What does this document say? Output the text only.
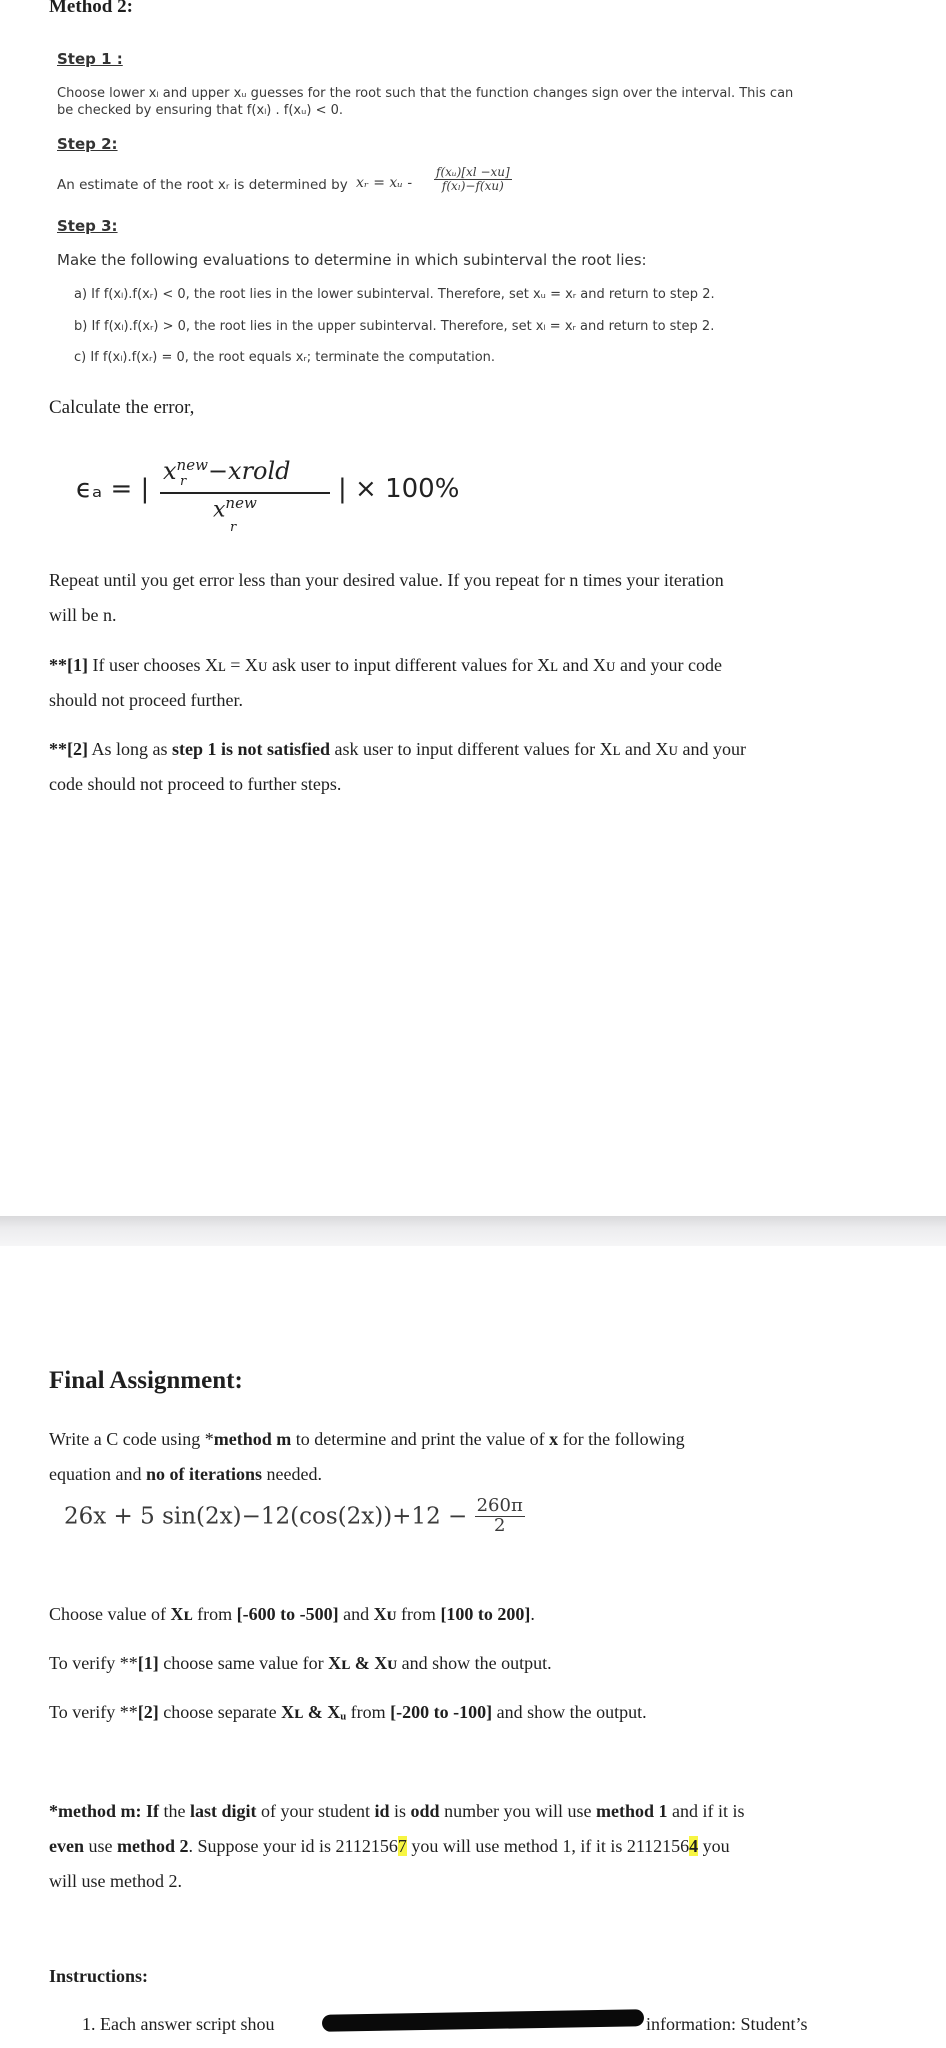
Method 2:
Step 1 :
Choose lower xₗ and upper xᵤ guesses for the root such that the function changes sign over the interval. This can
be checked by ensuring that f(xₗ) . f(xᵤ) < 0.
Step 2:
An estimate of the root xᵣ is determined by xᵣ = xᵤ - $\frac{\text{f(xᵤ)[xl −xu]}}{\text{f(xₗ)−f(xu)}}$
Step 3:
Make the following evaluations to determine in which subinterval the root lies:
a) If f(xₗ).f(xᵣ) < 0, the root lies in the lower subinterval. Therefore, set xᵤ = xᵣ and return to step 2.
b) If f(xₗ).f(xᵣ) > 0, the root lies in the upper subinterval. Therefore, set xₗ = xᵣ and return to step 2.
c) If f(xₗ).f(xᵣ) = 0, the root equals xᵣ; terminate the computation.
Calculate the error,
ϵₐ = |
$x^{new}-xrold$
r
$x^{new}$
r
| × 100%
Repeat until you get error less than your desired value. If you repeat for n times your iteration
will be n.
**[1] If user chooses Xʟ = Xᴜ ask user to input different values for Xʟ and Xᴜ and your code
should not proceed further.
**[2] As long as step 1 is not satisfied ask user to input different values for Xʟ and Xᴜ and your
code should not proceed to further steps.
Final Assignment:
Write a C code using *method m to determine and print the value of x for the following
equation and no of iterations needed.
26x + 5 $\sin(2x)-12(\cos(2x))+12 - \frac{260\pi}{2}$
Choose value of Xʟ from [-600 to -500] and Xᴜ from [100 to 200].
To verify **[1] choose same value for Xʟ & Xᴜ and show the output.
To verify **[2] choose separate Xʟ & Xᵤ from [-200 to -100] and show the output.
*method m: If the last digit of your student id is odd number you will use method 1 and if it is
even use method 2. Suppose your id is 21121567 you will use method 1, if it is 21121564 you
will use method 2.
Instructions:
1. Each answer script shou	information: Student’s
